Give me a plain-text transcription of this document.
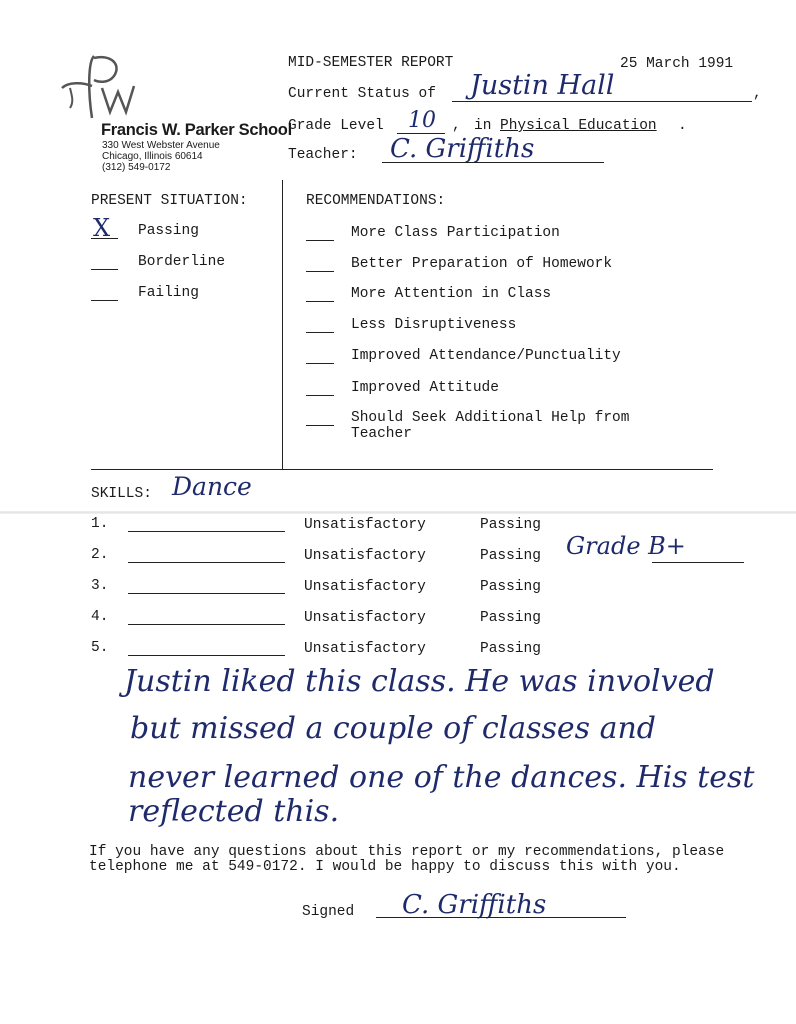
Francis W. Parker School
330 West Webster Avenue
Chicago, Illinois 60614
(312) 549-0172
MID-SEMESTER REPORT	25 March 1991
Current Status of Justin Hall	,
Grade Level 10 , in Physical Education .
Teacher: C. Griffiths
PRESENT SITUATION:
X Passing
Borderline
Failing
RECOMMENDATIONS:
More Class Participation
Better Preparation of Homework
More Attention in Class
Less Disruptiveness
Improved Attendance/Punctuality
Improved Attitude
Should Seek Additional Help from
Teacher
SKILLS: Dance
1.	Unsatisfactory	Passing
2.	Unsatisfactory	Passing Grade B+
3.	Unsatisfactory	Passing
4.	Unsatisfactory	Passing
5.	Unsatisfactory	Passing
Justin liked this class. He was involved
but missed a couple of classes and
never learned one of the dances. His test
reflected this.
If you have any questions about this report or my recommendations, please
telephone me at 549-0172. I would be happy to discuss this with you.
Signed C. Griffiths
